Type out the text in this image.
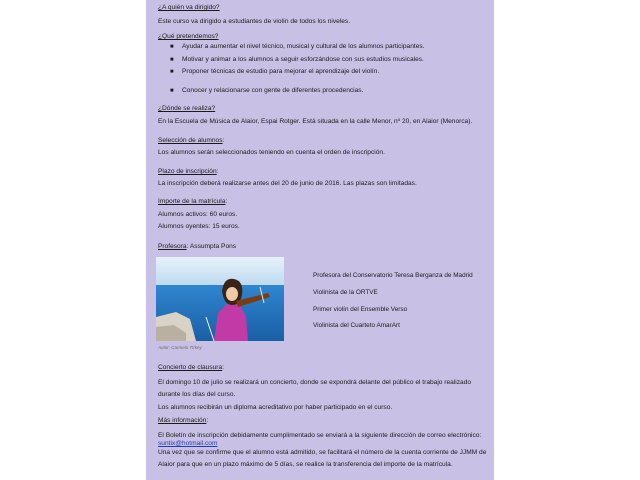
¿A quién va dirigido?
Este curso va dirigido a estudiantes de violín de todos los niveles.
¿Qué pretendemos?
■ Ayudar a aumentar el nivel técnico, musical y cultural de los alumnos participantes.
■ Motivar y animar a los alumnos a seguir esforzándose con sus estudios musicales.
■ Proponer técnicas de estudio para mejorar el aprendizaje del violín.
■ Conocer y relacionarse con gente de diferentes procedencias.
¿Dónde se realiza?
En la Escuela de Música de Alaior, Espai Rotger. Está situada en la calle Menor, nº 20, en Alaior (Menorca).
Selección de alumnos:
Los alumnos serán seleccionados teniendo en cuenta el orden de inscripción.
Plazo de inscripción:
La inscripción deberá realizarse antes del 20 de junio de 2016. Las plazas son limitadas.
Importe de la matrícula:
Alumnos activos: 60 euros.
Alumnos oyentes: 15 euros.
Profesora: Assumpta Pons
Profesora del Conservatorio Teresa Berganza de Madrid
Violinista de la ORTVE
Primer violín del Ensemble Verso
Violinista del Cuarteto AmarArt
Concierto de clausura:
El domingo 10 de julio se realizará un concierto, donde se expondrá delante del público el trabajo realizado
durante los días del curso.
Los alumnos recibirán un diploma acreditativo por haber participado en el curso.
Más información:
El Boletín de inscripción debidamente cumplimentado se enviará a la siguiente dirección de correo electrónico:
suntix@hotmail.com
Una vez que se confirme que el alumno está admitido, se facilitará el número de la cuenta corriente de JJMM de
Alaior para que en un plazo máximo de 5 días, se realice la transferencia del importe de la matrícula.
Autor: Carmelo Tirkey
